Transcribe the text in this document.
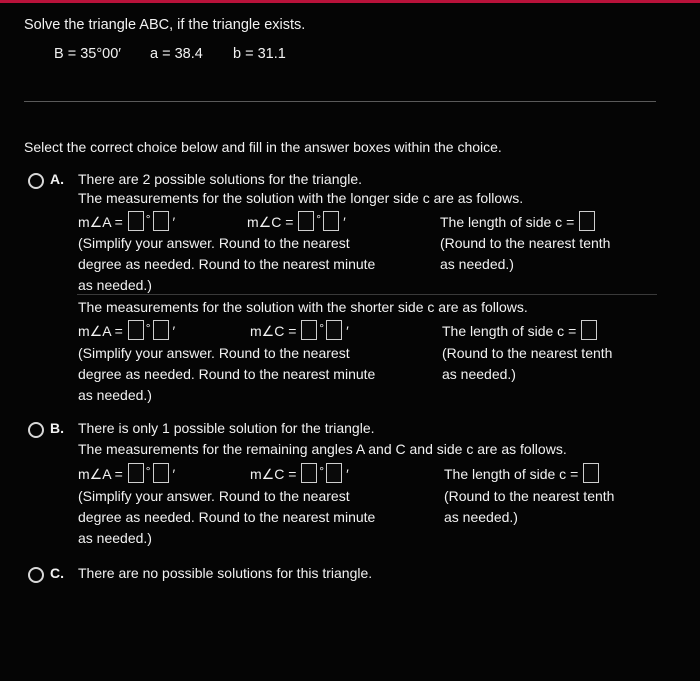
Solve the triangle ABC, if the triangle exists.
B = 35°00′ a = 38.4 b = 31.1
Select the correct choice below and fill in the answer boxes within the choice.
A. There are 2 possible solutions for the triangle.
The measurements for the solution with the longer side c are as follows.
m∠A = ° ′	m∠C = ° ′	The length of side c =
(Simplify your answer. Round to the nearest
degree as needed. Round to the nearest minute
as needed.)
(Round to the nearest tenth
as needed.)
The measurements for the solution with the shorter side c are as follows.
m∠A = ° ′	m∠C = ° ′	The length of side c =
(Simplify your answer. Round to the nearest
degree as needed. Round to the nearest minute
as needed.)
(Round to the nearest tenth
as needed.)
B. There is only 1 possible solution for the triangle.
The measurements for the remaining angles A and C and side c are as follows.
m∠A = ° ′	m∠C = ° ′	The length of side c =
(Simplify your answer. Round to the nearest
degree as needed. Round to the nearest minute
as needed.)
(Round to the nearest tenth
as needed.)
C. There are no possible solutions for this triangle.
